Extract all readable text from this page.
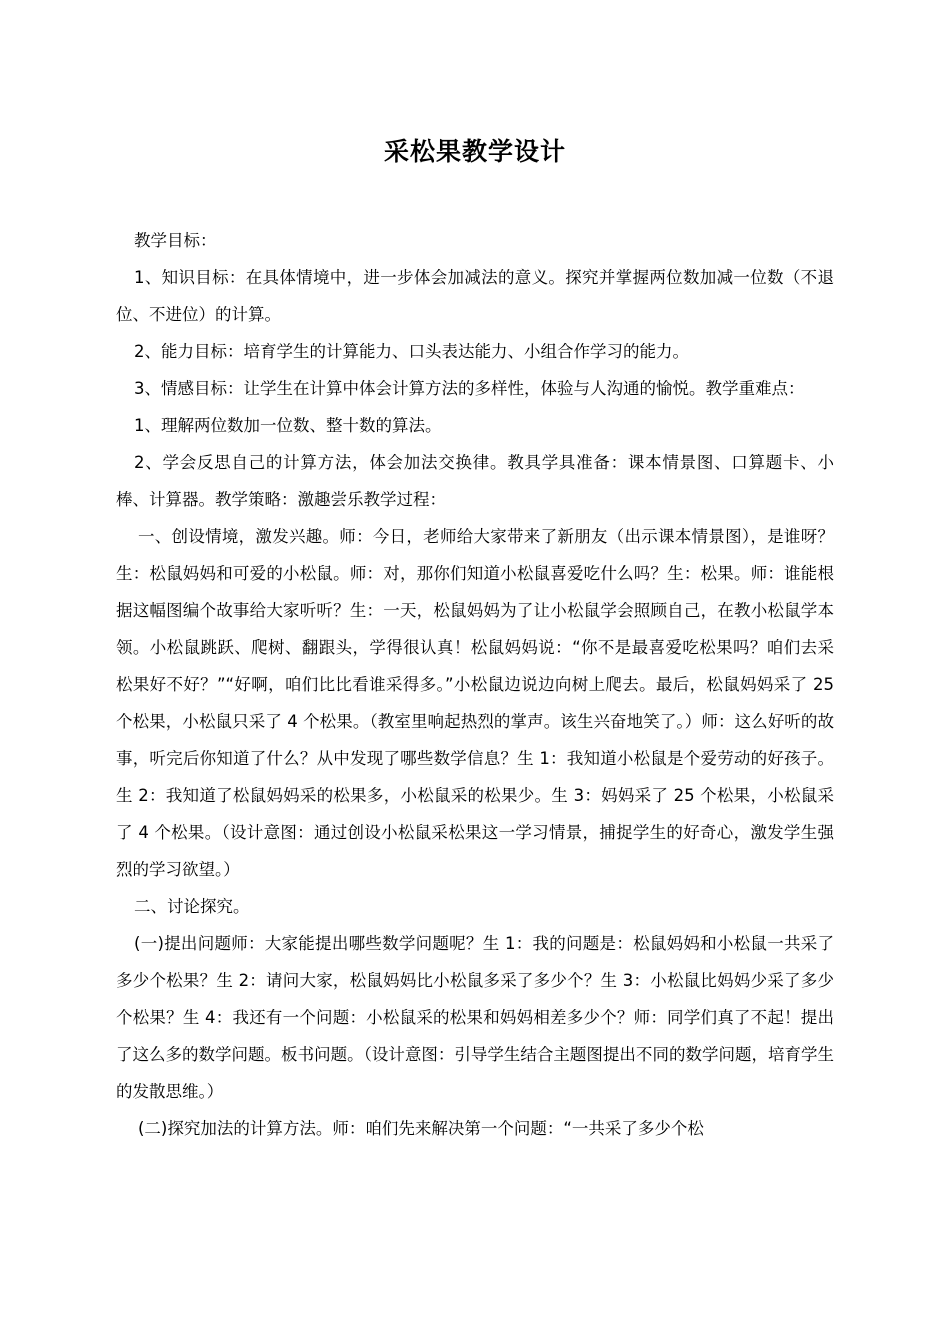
采松果教学设计

教学目标：

1、知识目标：在具体情境中，进一步体会加减法的意义。探究并掌握两位数加减一位数（不退位、不进位）的计算。

2、能力目标：培育学生的计算能力、口头表达能力、小组合作学习的能力。

3、情感目标：让学生在计算中体会计算方法的多样性，体验与人沟通的愉悦。教学重难点：

1、理解两位数加一位数、整十数的算法。

2、学会反思自己的计算方法，体会加法交换律。教具学具准备：课本情景图、口算题卡、小棒、计算器。教学策略：激趣尝乐教学过程：

一、创设情境，激发兴趣。师：今日，老师给大家带来了新朋友（出示课本情景图），是谁呀？生：松鼠妈妈和可爱的小松鼠。师：对，那你们知道小松鼠喜爱吃什么吗？生：松果。师：谁能根据这幅图编个故事给大家听听？生：一天，松鼠妈妈为了让小松鼠学会照顾自己，在教小松鼠学本领。小松鼠跳跃、爬树、翻跟头，学得很认真！松鼠妈妈说：“你不是最喜爱吃松果吗？咱们去采松果好不好？”“好啊，咱们比比看谁采得多。”小松鼠边说边向树上爬去。最后，松鼠妈妈采了 25 个松果，小松鼠只采了 4 个松果。（教室里响起热烈的掌声。该生兴奋地笑了。）师：这么好听的故事，听完后你知道了什么？从中发现了哪些数学信息？生 1：我知道小松鼠是个爱劳动的好孩子。生 2：我知道了松鼠妈妈采的松果多，小松鼠采的松果少。生 3：妈妈采了 25 个松果，小松鼠采了 4 个松果。（设计意图：通过创设小松鼠采松果这一学习情景，捕捉学生的好奇心，激发学生强烈的学习欲望。）

二、讨论探究。

(一)提出问题师：大家能提出哪些数学问题呢？生 1：我的问题是：松鼠妈妈和小松鼠一共采了多少个松果？生 2：请问大家，松鼠妈妈比小松鼠多采了多少个？生 3：小松鼠比妈妈少采了多少个松果？生 4：我还有一个问题：小松鼠采的松果和妈妈相差多少个？师：同学们真了不起！提出了这么多的数学问题。板书问题。（设计意图：引导学生结合主题图提出不同的数学问题，培育学生的发散思维。）

(二)探究加法的计算方法。师：咱们先来解决第一个问题：“一共采了多少个松
